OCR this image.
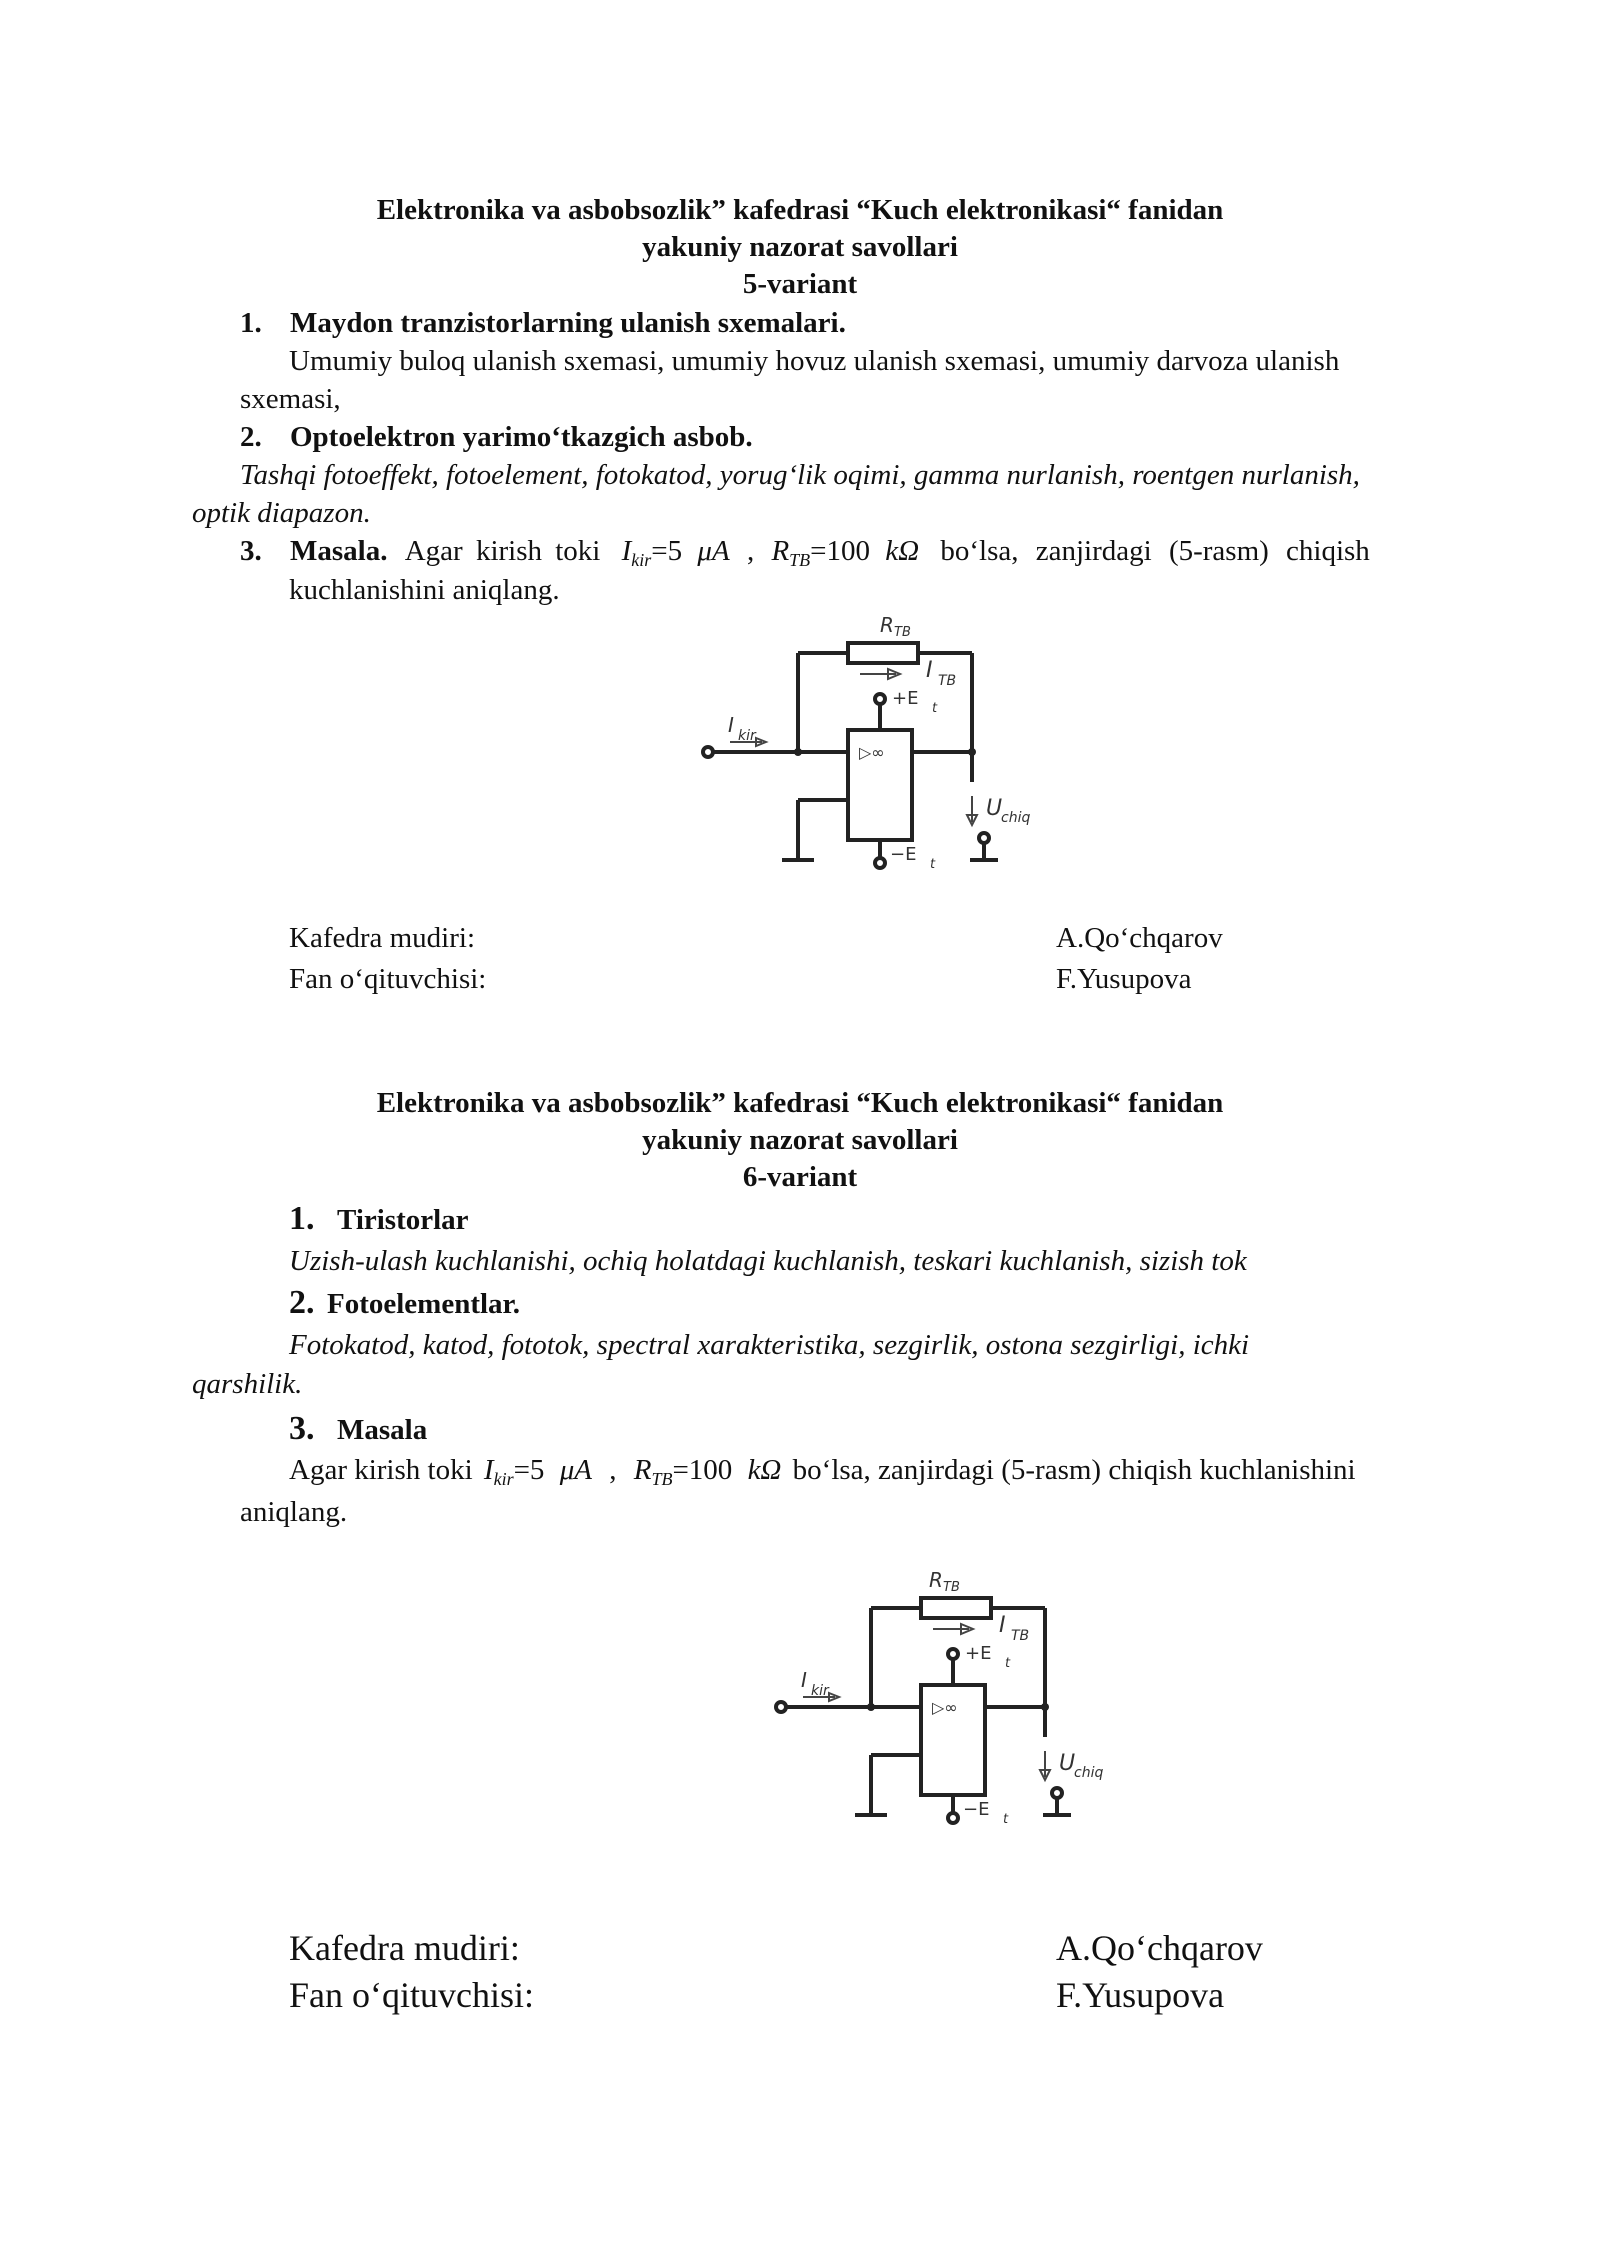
Elektronika va asbobsozlik” kafedrasi “Kuch elektronikasi“ fanidan
yakuniy nazorat savollari
5-variant
1. Maydon tranzistorlarning ulanish sxemalari.
Umumiy buloq ulanish sxemasi, umumiy hovuz ulanish sxemasi, umumiy darvoza ulanish
sxemasi,
2. Optoelektron yarimo‘tkazgich asbob.
Tashqi fotoeffekt, fotoelement, fotokatod, yorug‘lik oqimi, gamma nurlanish, roentgen nurlanish,
optik diapazon.
3. Masala. Agar kirish toki $I_{kir}=5$ μA , $R_{TB}=100$ kΩ bo‘lsa, zanjirdagi (5-rasm) chiqish
kuchlanishini aniqlang.
R TB
I TB
+E t
▷∞
I kir
−E t
U
chiq
Kafedra mudiri:	A.Qo‘chqarov
Fan o‘qituvchisi:	F.Yusupova
Elektronika va asbobsozlik” kafedrasi “Kuch elektronikasi“ fanidan
yakuniy nazorat savollari
6-variant
1. Tiristorlar
Uzish-ulash kuchlanishi, ochiq holatdagi kuchlanish, teskari kuchlanish, sizish tok
2. Fotoelementlar.
Fotokatod, katod, fototok, spectral xarakteristika, sezgirlik, ostona sezgirligi, ichki
qarshilik.
3. Masala
Agar kirish toki $I_{kir}=5$ μA , $R_{TB}=100$ kΩ bo‘lsa, zanjirdagi (5-rasm) chiqish kuchlanishini
aniqlang.
R TB
I TB
+E t
▷∞
I kir
−E t
U
chiq
Kafedra mudiri:	A.Qo‘chqarov
Fan o‘qituvchisi:	F.Yusupova
